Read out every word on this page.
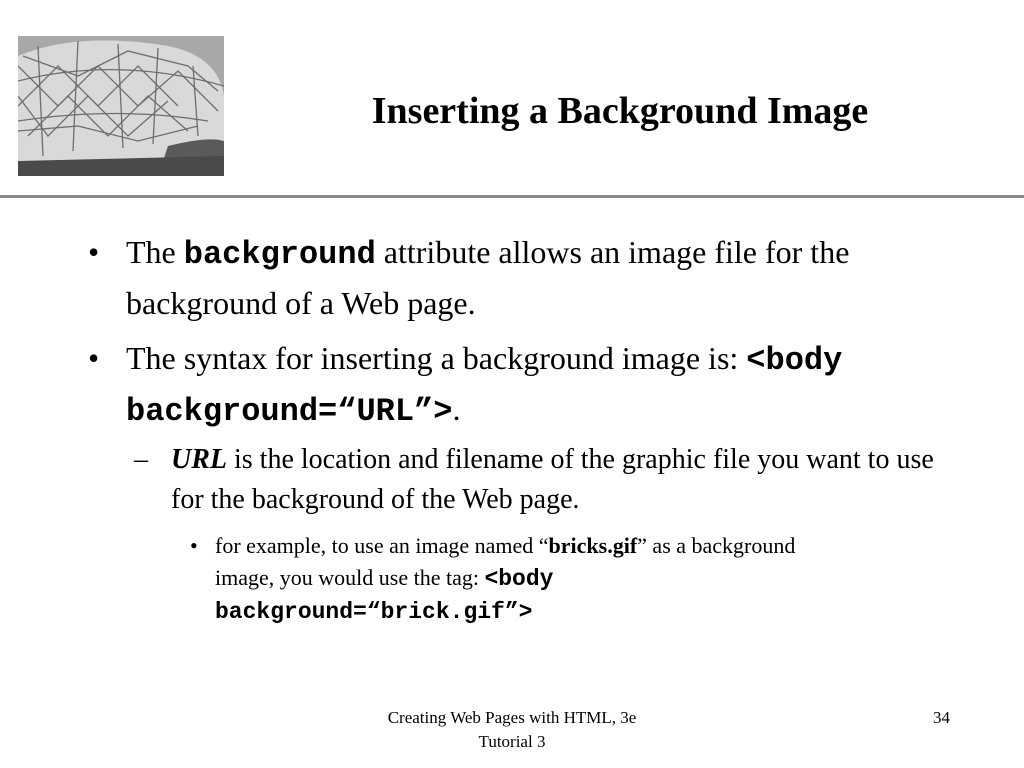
Inserting a Background Image
• The background attribute allows an image file for the background of a Web page.
• The syntax for inserting a background image is: <body background=“URL”>.
– URL is the location and filename of the graphic file you want to use for the background of the Web page.
• for example, to use an image named “bricks.gif” as a background image, you would use the tag: <body background=“brick.gif”>
Creating Web Pages with HTML, 3e
Tutorial 3
34
